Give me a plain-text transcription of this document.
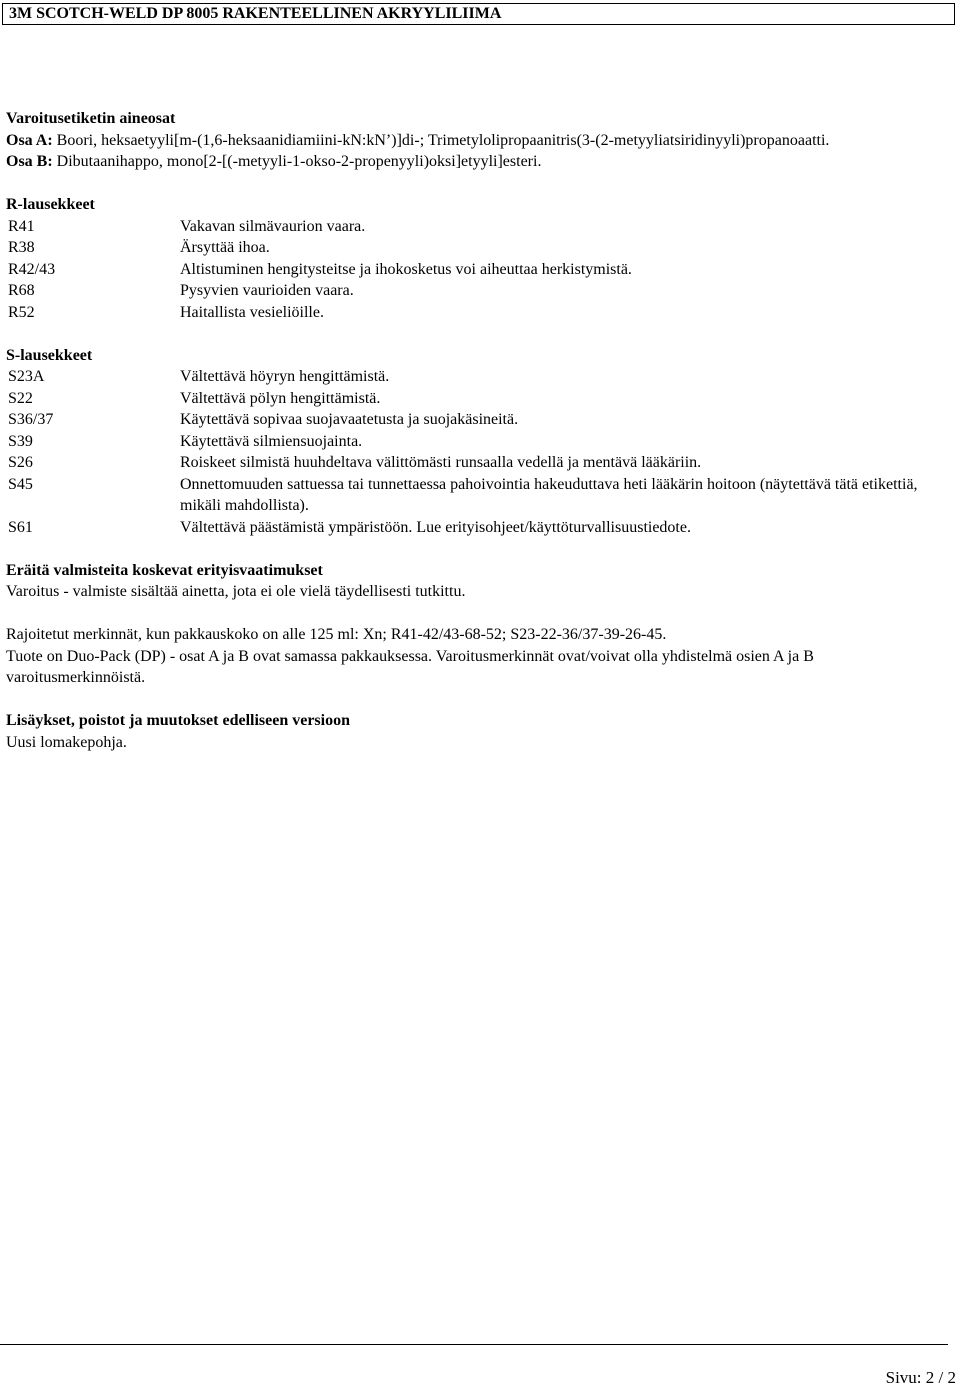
3M SCOTCH-WELD DP 8005 RAKENTEELLINEN AKRYYLILIIMA

Varoitusetiketin aineosat

Osa A: Boori, heksaetyyli[m-(1,6-heksaanidiamiini-kN:kN’)]di-; Trimetylolipropaanitris(3-(2-metyyliatsiridinyyli)propanoaatti.

Osa B: Dibutaanihappo, mono[2-[(-metyyli-1-okso-2-propenyyli)oksi]etyyli]esteri.

R-lausekkeet

R41	Vakavan silmävaurion vaara.
R38	Ärsyttää ihoa.
R42/43	Altistuminen hengitysteitse ja ihokosketus voi aiheuttaa herkistymistä.
R68	Pysyvien vaurioiden vaara.
R52	Haitallista vesieliöille.

S-lausekkeet

S23A	Vältettävä höyryn hengittämistä.
S22	Vältettävä pölyn hengittämistä.
S36/37	Käytettävä sopivaa suojavaatetusta ja suojakäsineitä.
S39	Käytettävä silmiensuojainta.
S26	Roiskeet silmistä huuhdeltava välittömästi runsaalla vedellä ja mentävä lääkäriin.
S45	Onnettomuuden sattuessa tai tunnettaessa pahoivointia hakeuduttava heti lääkärin hoitoon (näytettävä tätä etikettiä, mikäli mahdollista).
S61	Vältettävä päästämistä ympäristöön. Lue erityisohjeet/käyttöturvallisuustiedote.

Eräitä valmisteita koskevat erityisvaatimukset

Varoitus - valmiste sisältää ainetta, jota ei ole vielä täydellisesti tutkittu.

Rajoitetut merkinnät, kun pakkauskoko on alle 125 ml: Xn; R41-42/43-68-52; S23-22-36/37-39-26-45.

Tuote on Duo-Pack (DP) - osat A ja B ovat samassa pakkauksessa. Varoitusmerkinnät ovat/voivat olla yhdistelmä osien A ja B varoitusmerkinnöistä.

Lisäykset, poistot ja muutokset edelliseen versioon

Uusi lomakepohja.

Sivu: 2 / 2
